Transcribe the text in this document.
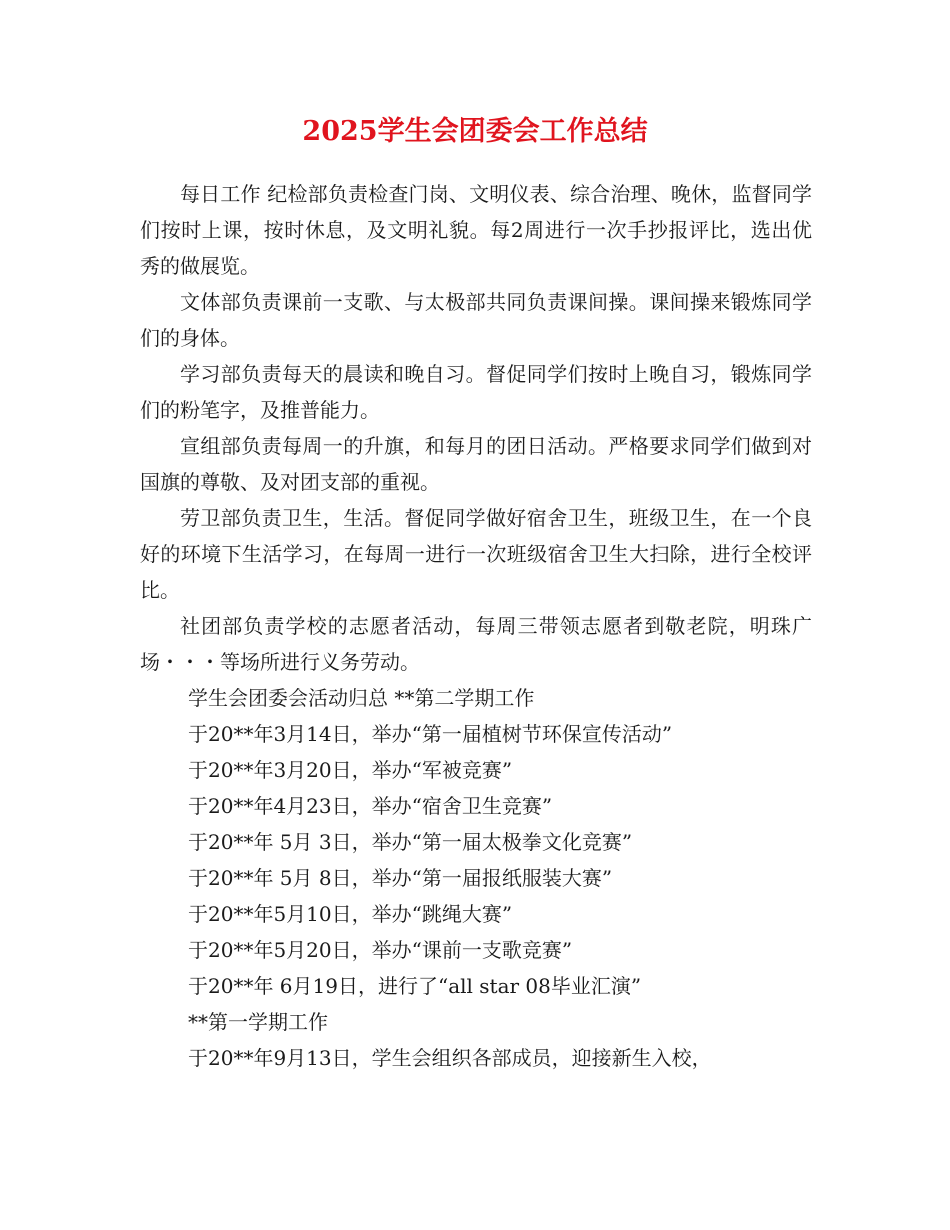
2025学生会团委会工作总结

每日工作 纪检部负责检查门岗、文明仪表、综合治理、晚休，监督同学们按时上课，按时休息，及文明礼貌。每2周进行一次手抄报评比，选出优秀的做展览。

文体部负责课前一支歌、与太极部共同负责课间操。课间操来锻炼同学们的身体。

学习部负责每天的晨读和晚自习。督促同学们按时上晚自习，锻炼同学们的粉笔字，及推普能力。

宣组部负责每周一的升旗，和每月的团日活动。严格要求同学们做到对国旗的尊敬、及对团支部的重视。

劳卫部负责卫生，生活。督促同学做好宿舍卫生，班级卫生，在一个良好的环境下生活学习，在每周一进行一次班级宿舍卫生大扫除，进行全校评比。

社团部负责学校的志愿者活动，每周三带领志愿者到敬老院，明珠广场・・・等场所进行义务劳动。

学生会团委会活动归总 **第二学期工作

于20**年3月14日，举办“第一届植树节环保宣传活动”

于20**年3月20日，举办“军被竞赛”

于20**年4月23日，举办“宿舍卫生竞赛”

于20**年 5月 3日，举办“第一届太极拳文化竞赛”

于20**年 5月 8日，举办“第一届报纸服装大赛”

于20**年5月10日，举办“跳绳大赛”

于20**年5月20日，举办“课前一支歌竞赛”

于20**年 6月19日，进行了“all star 08毕业汇演”

**第一学期工作

于20**年9月13日，学生会组织各部成员，迎接新生入校，
